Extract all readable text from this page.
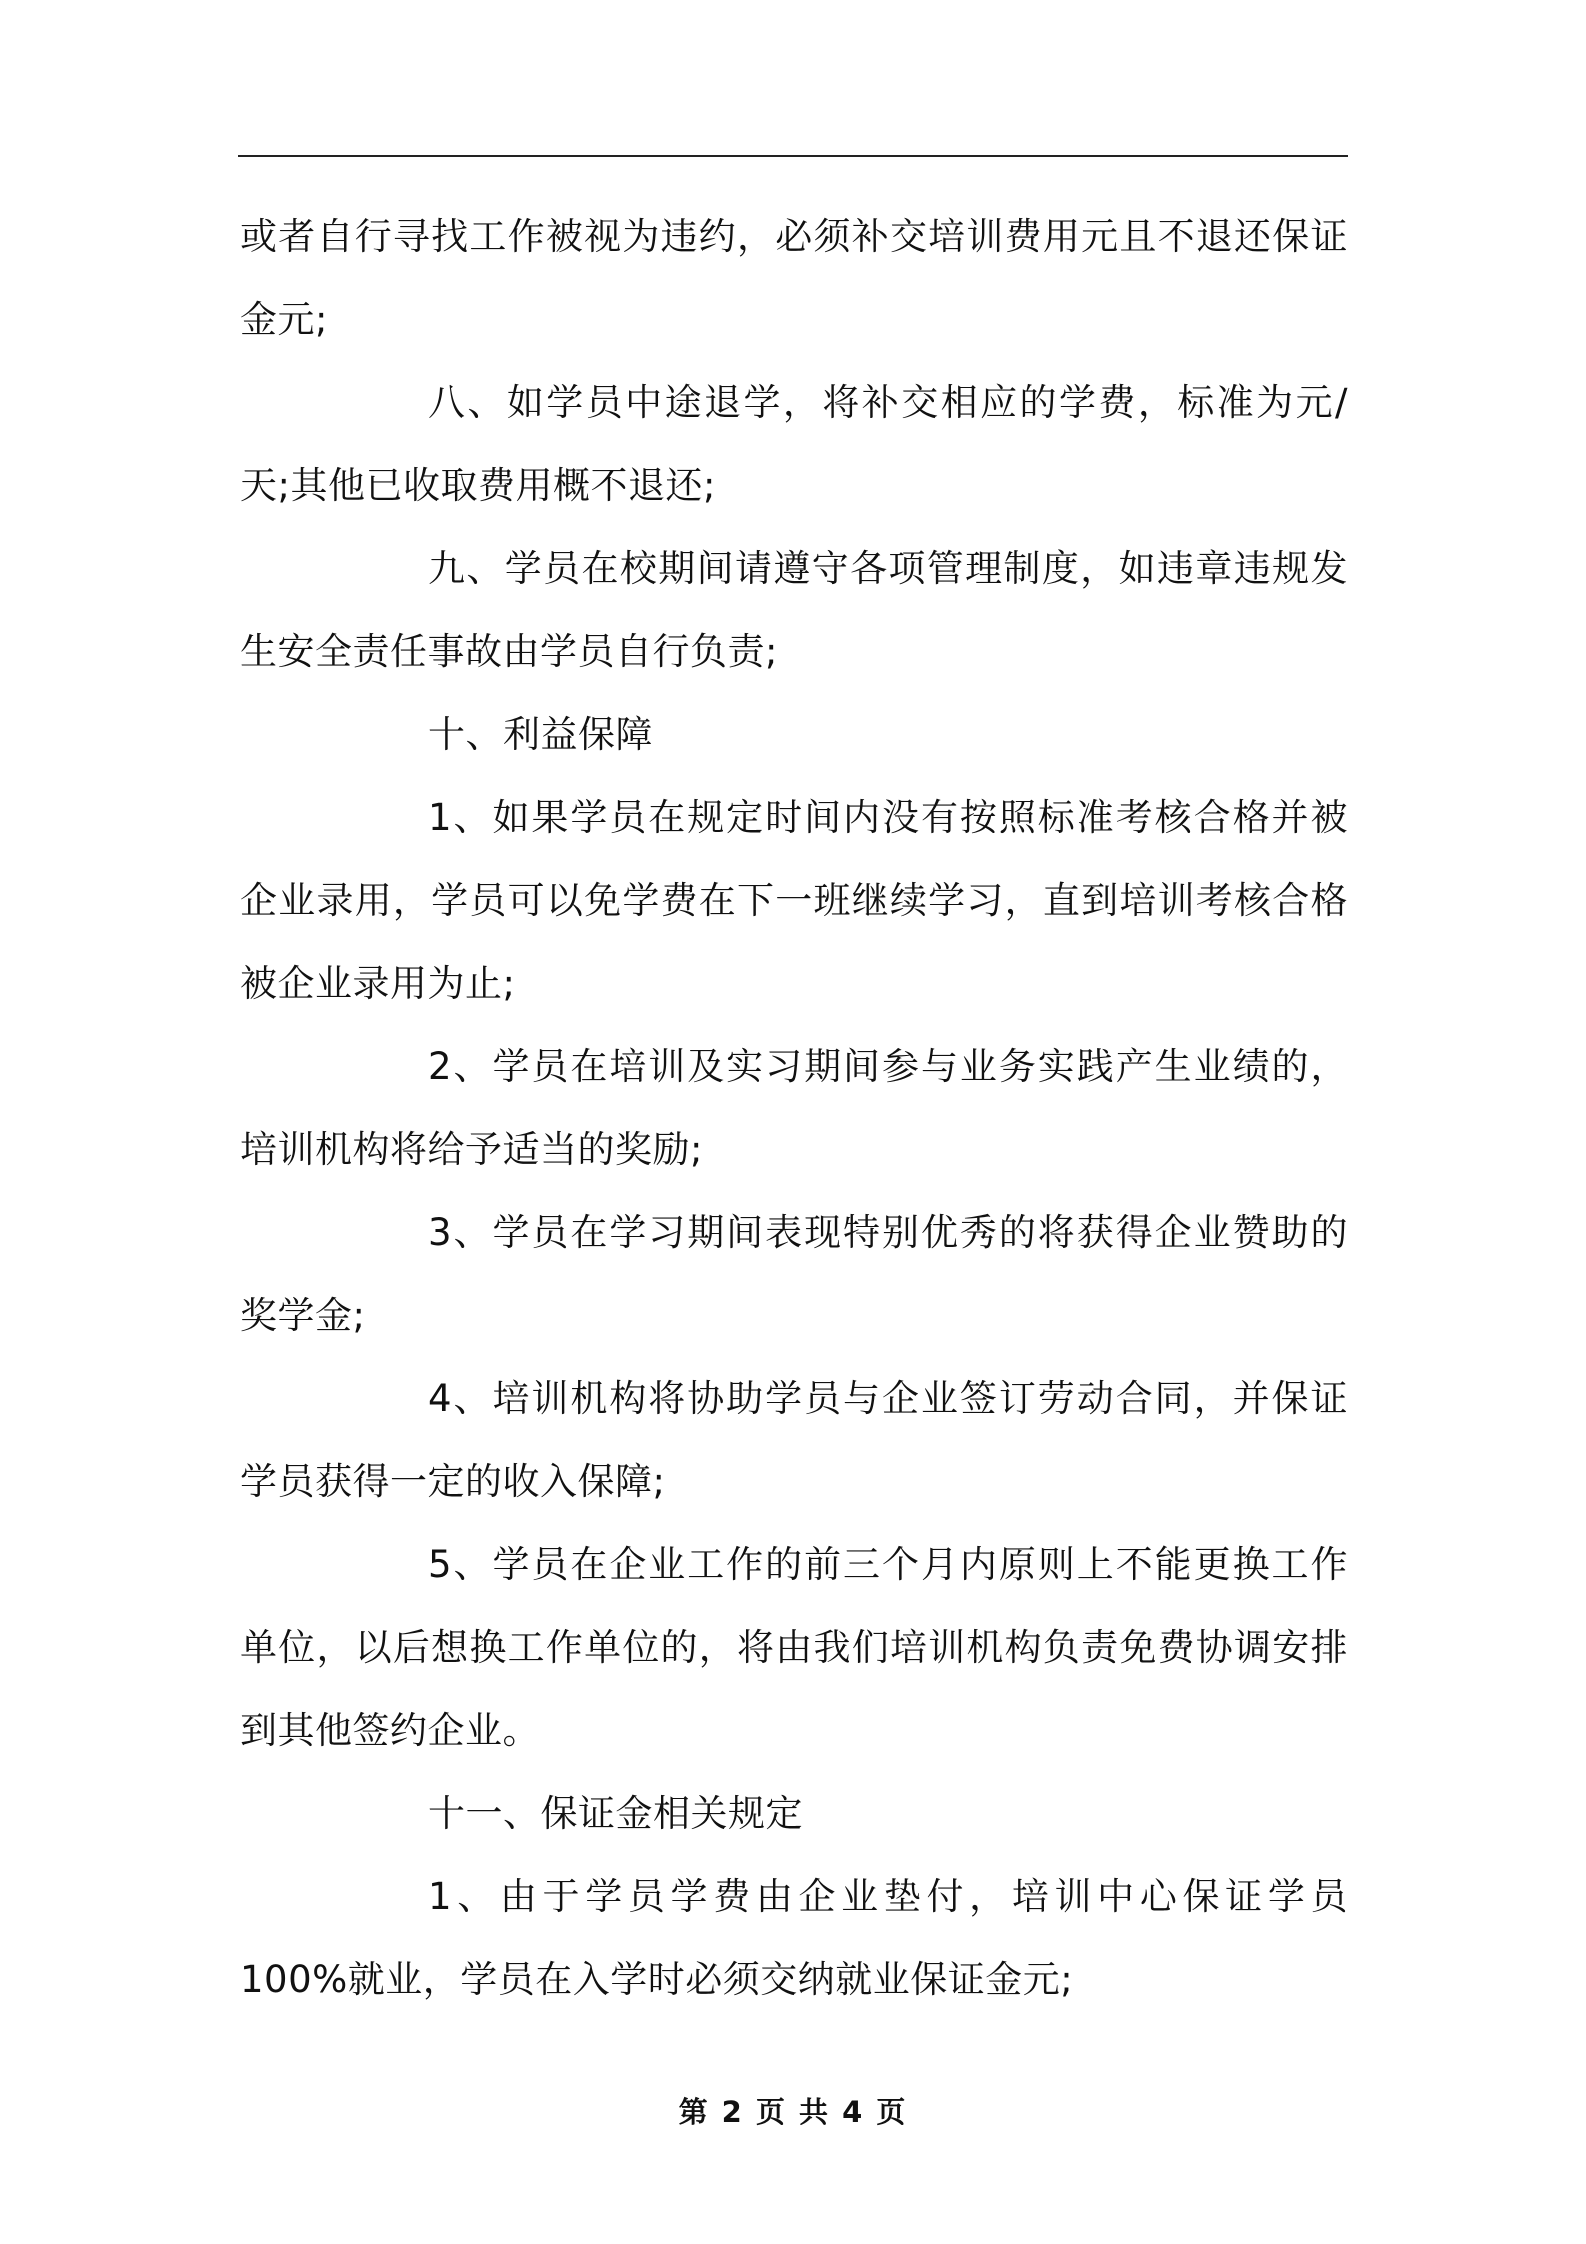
或者自行寻找工作被视为违约，必须补交培训费用元且不退还保证金元;

八、如学员中途退学，将补交相应的学费，标准为元/天;其他已收取费用概不退还;

九、学员在校期间请遵守各项管理制度，如违章违规发生安全责任事故由学员自行负责;

十、利益保障

1、如果学员在规定时间内没有按照标准考核合格并被企业录用，学员可以免学费在下一班继续学习，直到培训考核合格被企业录用为止;

2、学员在培训及实习期间参与业务实践产生业绩的，培训机构将给予适当的奖励;

3、学员在学习期间表现特别优秀的将获得企业赞助的奖学金;

4、培训机构将协助学员与企业签订劳动合同，并保证学员获得一定的收入保障;

5、学员在企业工作的前三个月内原则上不能更换工作单位，以后想换工作单位的，将由我们培训机构负责免费协调安排到其他签约企业。

十一、保证金相关规定

1、由于学员学费由企业垫付，培训中心保证学员 100%就业，学员在入学时必须交纳就业保证金元;

第 2 页 共 4 页
